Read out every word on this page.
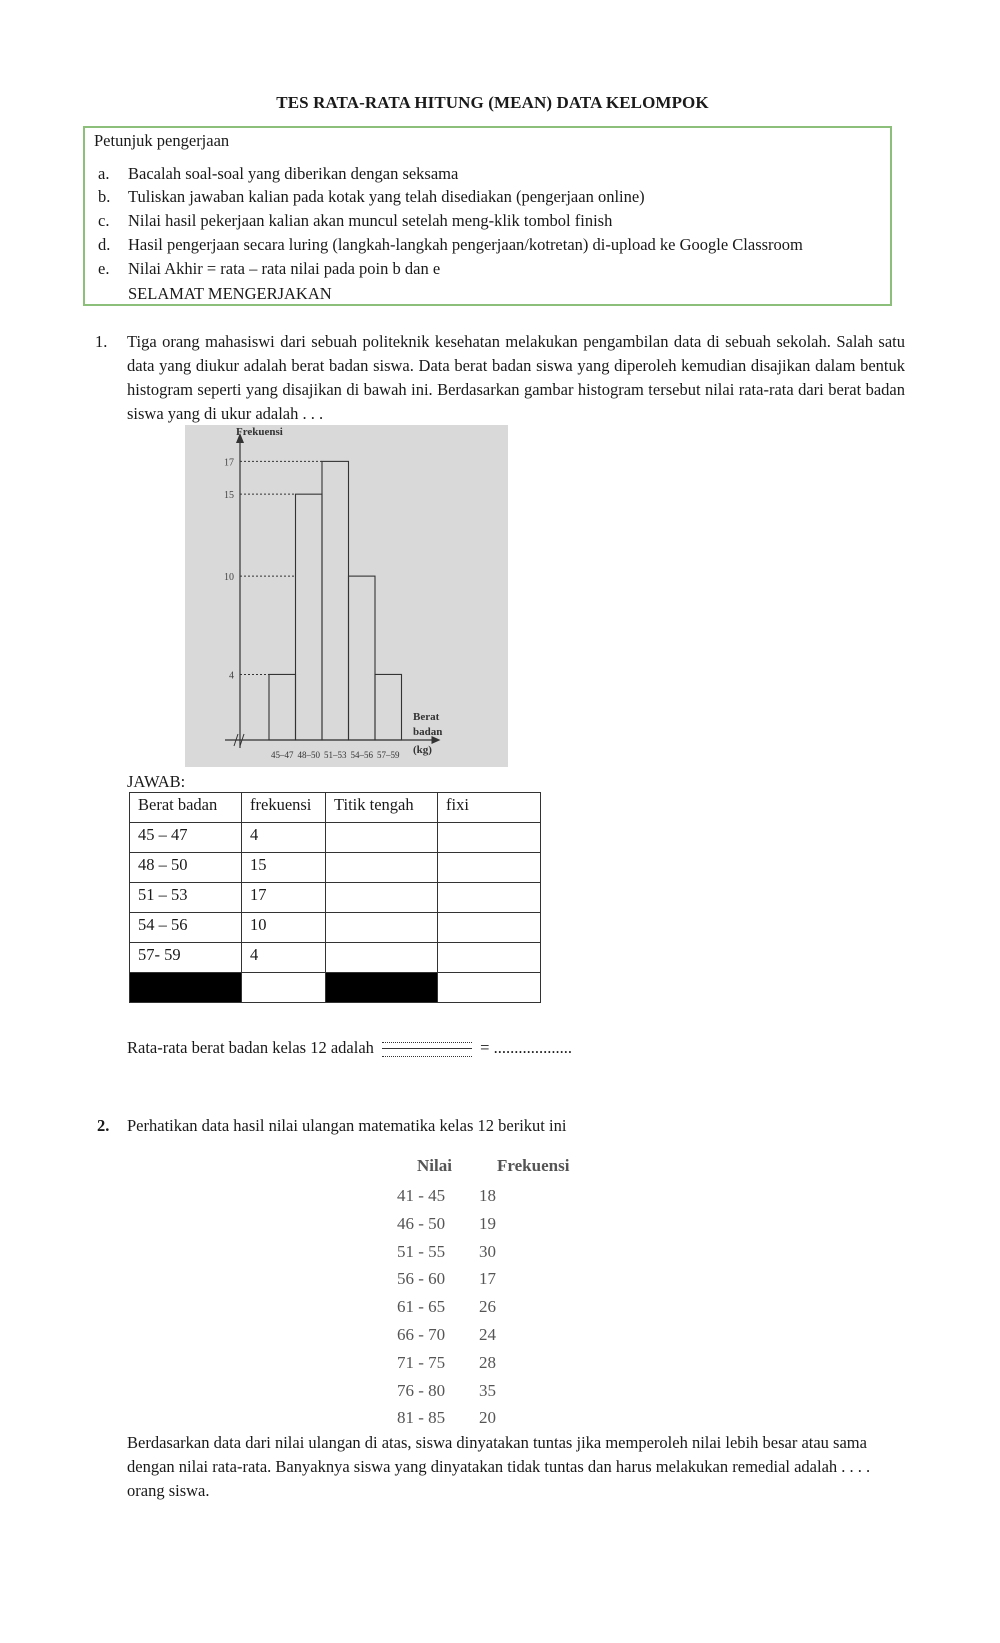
TES RATA-RATA HITUNG (MEAN) DATA KELOMPOK
Petunjuk pengerjaan
a. Bacalah soal-soal yang diberikan dengan seksama
b. Tuliskan jawaban kalian pada kotak yang telah disediakan (pengerjaan online)
c. Nilai hasil pekerjaan kalian akan muncul setelah meng-klik tombol finish
d. Hasil pengerjaan secara luring (langkah-langkah pengerjaan/kotretan) di-upload ke Google Classroom
e. Nilai Akhir = rata – rata nilai pada poin b dan e
SELAMAT MENGERJAKAN
1. Tiga orang mahasiswi dari sebuah politeknik kesehatan melakukan pengambilan data di sebuah sekolah. Salah satu data yang diukur adalah berat badan siswa. Data berat badan siswa yang diperoleh kemudian disajikan dalam bentuk histogram seperti yang disajikan di bawah ini. Berdasarkan gambar histogram tersebut nilai rata-rata dari berat badan siswa yang di ukur adalah . . .
45–47 48–50 51–53 54–56 57–59
4
10
15
17
Frekuensi
Berat
badan
(kg)
JAWAB:
Berat badan	frekuensi	Titik tengah	fixi
45 – 47	4		
48 – 50	15		
51 – 53	17		
54 – 56	10		
57- 59	4		

Rata-rata berat badan kelas 12 adalah	= ...................
2. Perhatikan data hasil nilai ulangan matematika kelas 12 berikut ini
Nilai	Frekuensi
41 - 45 18
46 - 50 19
51 - 55 30
56 - 60 17
61 - 65 26
66 - 70 24
71 - 75 28
76 - 80 35
81 - 85 20
Berdasarkan data dari nilai ulangan di atas, siswa dinyatakan tuntas jika memperoleh nilai lebih besar atau sama dengan nilai rata-rata. Banyaknya siswa yang dinyatakan tidak tuntas dan harus melakukan remedial adalah . . . . orang siswa.
